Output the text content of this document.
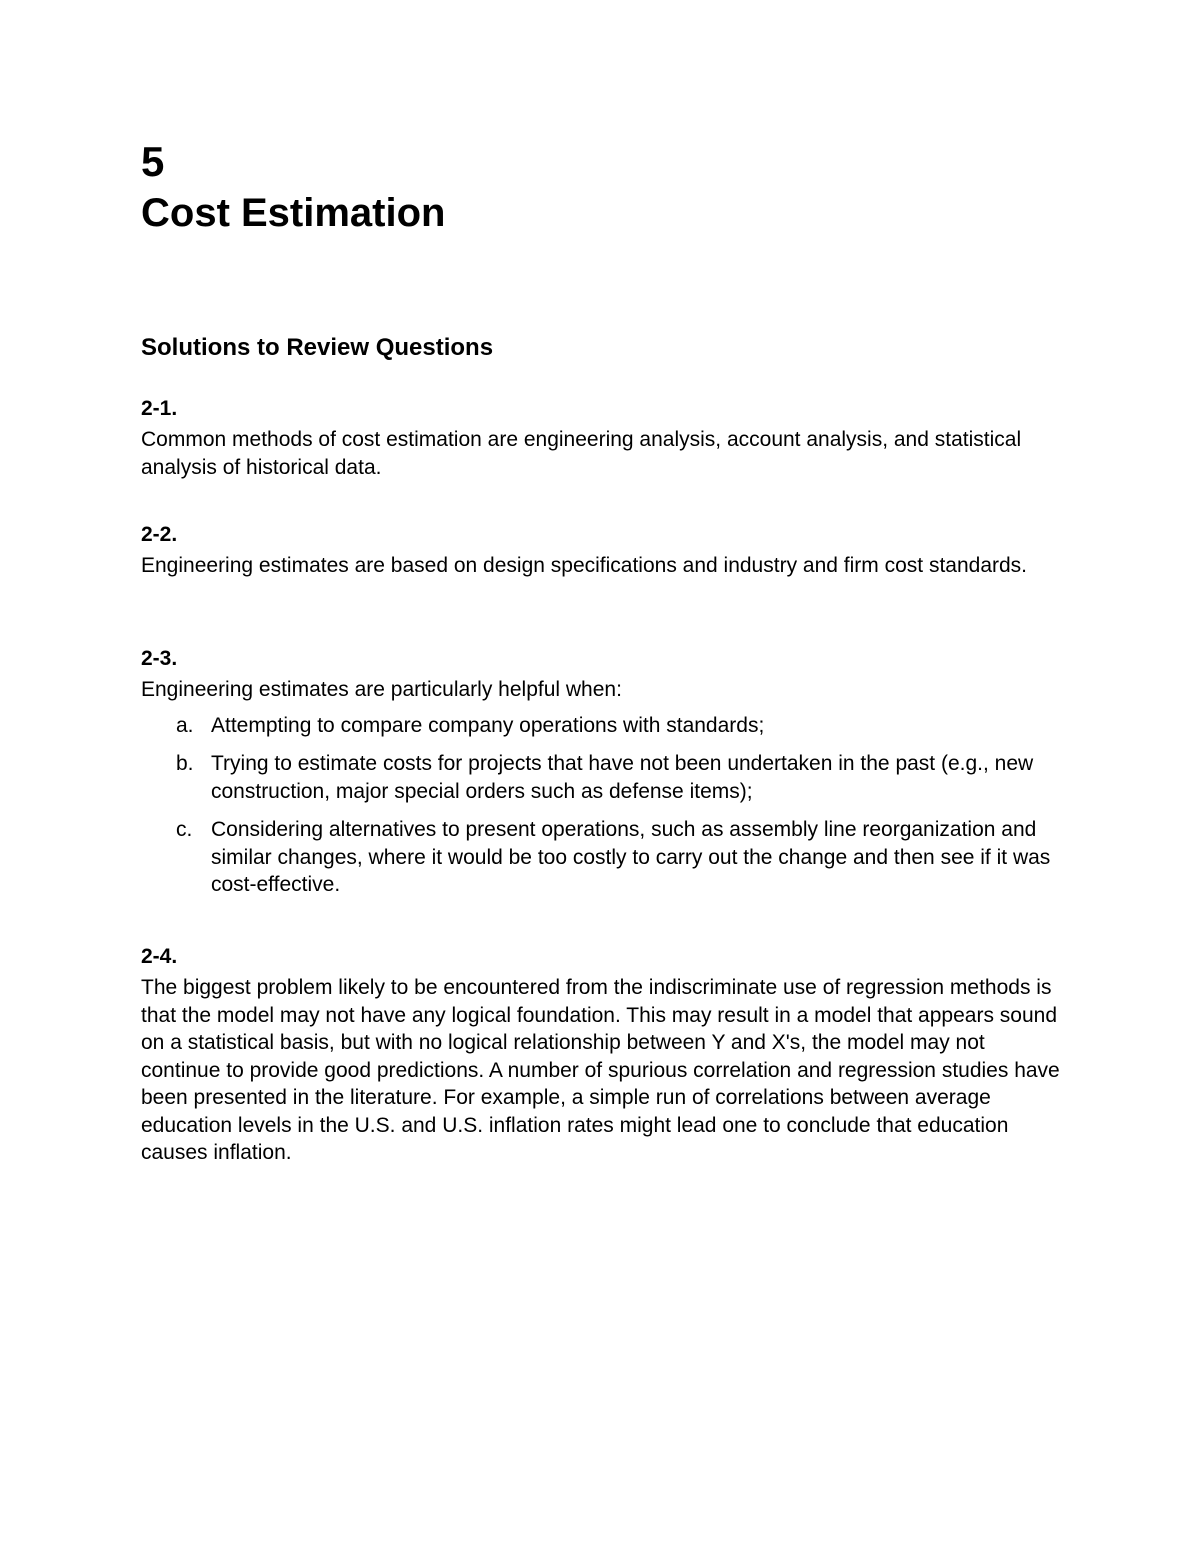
5

Cost Estimation

Solutions to Review Questions

2-1.

Common methods of cost estimation are engineering analysis, account analysis, and statistical analysis of historical data.

2-2.

Engineering estimates are based on design specifications and industry and firm cost standards.

2-3.

Engineering estimates are particularly helpful when:

a. Attempting to compare company operations with standards;
b. Trying to estimate costs for projects that have not been undertaken in the past (e.g., new construction, major special orders such as defense items);
c. Considering alternatives to present operations, such as assembly line reorganization and similar changes, where it would be too costly to carry out the change and then see if it was cost-effective.

2-4.

The biggest problem likely to be encountered from the indiscriminate use of regression methods is that the model may not have any logical foundation. This may result in a model that appears sound on a statistical basis, but with no logical relationship between Y and X's, the model may not continue to provide good predictions. A number of spurious correlation and regression studies have been presented in the literature. For example, a simple run of correlations between average education levels in the U.S. and U.S. inflation rates might lead one to conclude that education causes inflation.
